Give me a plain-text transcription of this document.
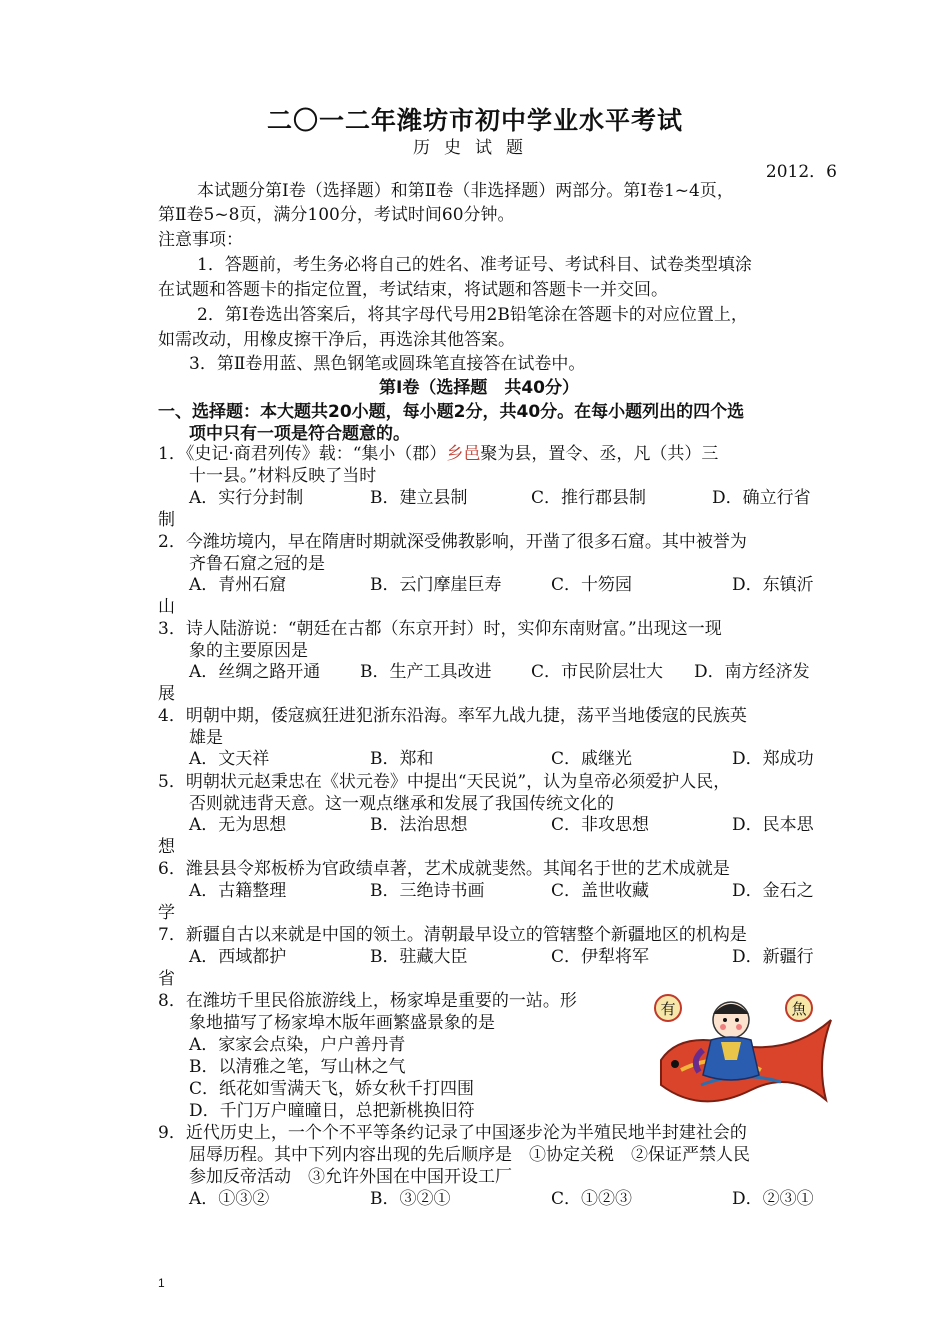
二〇一二年潍坊市初中学业水平考试
历史试题
2012．6
本试题分第Ⅰ卷（选择题）和第Ⅱ卷（非选择题）两部分。第Ⅰ卷1~4页，
第Ⅱ卷5~8页，满分100分，考试时间60分钟。
注意事项：
1．答题前，考生务必将自己的姓名、准考证号、考试科目、试卷类型填涂
在试题和答题卡的指定位置，考试结束，将试题和答题卡一并交回。
2．第Ⅰ卷选出答案后，将其字母代号用2B铅笔涂在答题卡的对应位置上，
如需改动，用橡皮擦干净后，再选涂其他答案。
3．第Ⅱ卷用蓝、黑色钢笔或圆珠笔直接答在试卷中。
第Ⅰ卷（选择题　共40分）
一、选择题：本大题共20小题，每小题2分，共40分。在每小题列出的四个选
项中只有一项是符合题意的。
1．《史记·商君列传》载：“集小（郡）乡邑聚为县，置令、丞，凡（共）三
十一县。”材料反映了当时
A．实行分封制	B．建立县制	C．推行郡县制	D．确立行省
制
2．今潍坊境内，早在隋唐时期就深受佛教影响，开凿了很多石窟。其中被誉为
齐鲁石窟之冠的是
A．青州石窟	B．云门摩崖巨寿	C．十笏园	D．东镇沂
山
3．诗人陆游说：“朝廷在古都（东京开封）时，实仰东南财富。”出现这一现
象的主要原因是
A．丝绸之路开通 B．生产工具改进 C．市民阶层壮大 D．南方经济发
展
4．明朝中期，倭寇疯狂进犯浙东沿海。率军九战九捷，荡平当地倭寇的民族英
雄是
A．文天祥	B．郑和	C．戚继光	D．郑成功
5．明朝状元赵秉忠在《状元卷》中提出“天民说”，认为皇帝必须爱护人民，
否则就违背天意。这一观点继承和发展了我国传统文化的
A．无为思想	B．法治思想	C．非攻思想	D．民本思
想
6．潍县县令郑板桥为官政绩卓著，艺术成就斐然。其闻名于世的艺术成就是
A．古籍整理	B．三绝诗书画	C．盖世收藏	D．金石之
学
7．新疆自古以来就是中国的领土。清朝最早设立的管辖整个新疆地区的机构是
A．西域都护	B．驻藏大臣	C．伊犁将军	D．新疆行
省
8．在潍坊千里民俗旅游线上，杨家埠是重要的一站。形
象地描写了杨家埠木版年画繁盛景象的是
A．家家会点染，户户善丹青
B．以清雅之笔，写山林之气
C．纸花如雪满天飞，娇女秋千打四围
D．千门万户曈曈日，总把新桃换旧符
有	魚
9．近代历史上，一个个不平等条约记录了中国逐步沦为半殖民地半封建社会的
屈辱历程。其中下列内容出现的先后顺序是　①协定关税　②保证严禁人民
参加反帝活动　③允许外国在中国开设工厂
A．①③②	B．③②①	C．①②③	D．②③①
1
